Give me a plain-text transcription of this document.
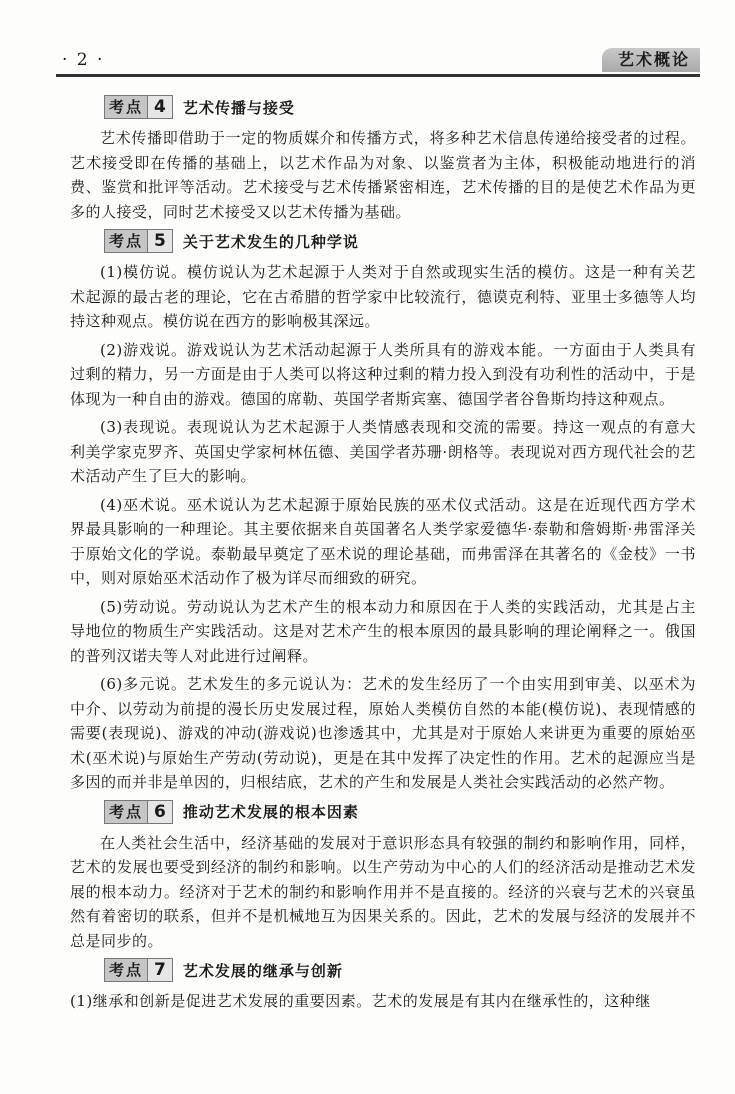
· 2 ·	艺术概论
考点 4	艺术传播与接受

艺术传播即借助于一定的物质媒介和传播方式，将多种艺术信息传递给接受者的过程。艺术接受即在传播的基础上，以艺术作品为对象、以鉴赏者为主体，积极能动地进行的消费、鉴赏和批评等活动。艺术接受与艺术传播紧密相连，艺术传播的目的是使艺术作品为更多的人接受，同时艺术接受又以艺术传播为基础。

考点 5	关于艺术发生的几种学说

(1)模仿说。模仿说认为艺术起源于人类对于自然或现实生活的模仿。这是一种有关艺术起源的最古老的理论，它在古希腊的哲学家中比较流行，德谟克利特、亚里士多德等人均持这种观点。模仿说在西方的影响极其深远。

(2)游戏说。游戏说认为艺术活动起源于人类所具有的游戏本能。一方面由于人类具有过剩的精力，另一方面是由于人类可以将这种过剩的精力投入到没有功利性的活动中，于是体现为一种自由的游戏。德国的席勒、英国学者斯宾塞、德国学者谷鲁斯均持这种观点。

(3)表现说。表现说认为艺术起源于人类情感表现和交流的需要。持这一观点的有意大利美学家克罗齐、英国史学家柯林伍德、美国学者苏珊·朗格等。表现说对西方现代社会的艺术活动产生了巨大的影响。

(4)巫术说。巫术说认为艺术起源于原始民族的巫术仪式活动。这是在近现代西方学术界最具影响的一种理论。其主要依据来自英国著名人类学家爱德华·泰勒和詹姆斯·弗雷泽关于原始文化的学说。泰勒最早奠定了巫术说的理论基础，而弗雷泽在其著名的《金枝》一书中，则对原始巫术活动作了极为详尽而细致的研究。

(5)劳动说。劳动说认为艺术产生的根本动力和原因在于人类的实践活动，尤其是占主导地位的物质生产实践活动。这是对艺术产生的根本原因的最具影响的理论阐释之一。俄国的普列汉诺夫等人对此进行过阐释。

(6)多元说。艺术发生的多元说认为：艺术的发生经历了一个由实用到审美、以巫术为中介、以劳动为前提的漫长历史发展过程，原始人类模仿自然的本能(模仿说)、表现情感的需要(表现说)、游戏的冲动(游戏说)也渗透其中，尤其是对于原始人来讲更为重要的原始巫术(巫术说)与原始生产劳动(劳动说)，更是在其中发挥了决定性的作用。艺术的起源应当是多因的而并非是单因的，归根结底，艺术的产生和发展是人类社会实践活动的必然产物。

考点 6	推动艺术发展的根本因素

在人类社会生活中，经济基础的发展对于意识形态具有较强的制约和影响作用，同样，艺术的发展也要受到经济的制约和影响。以生产劳动为中心的人们的经济活动是推动艺术发展的根本动力。经济对于艺术的制约和影响作用并不是直接的。经济的兴衰与艺术的兴衰虽然有着密切的联系，但并不是机械地互为因果关系的。因此，艺术的发展与经济的发展并不总是同步的。

考点 7	艺术发展的继承与创新

(1)继承和创新是促进艺术发展的重要因素。艺术的发展是有其内在继承性的，这种继
